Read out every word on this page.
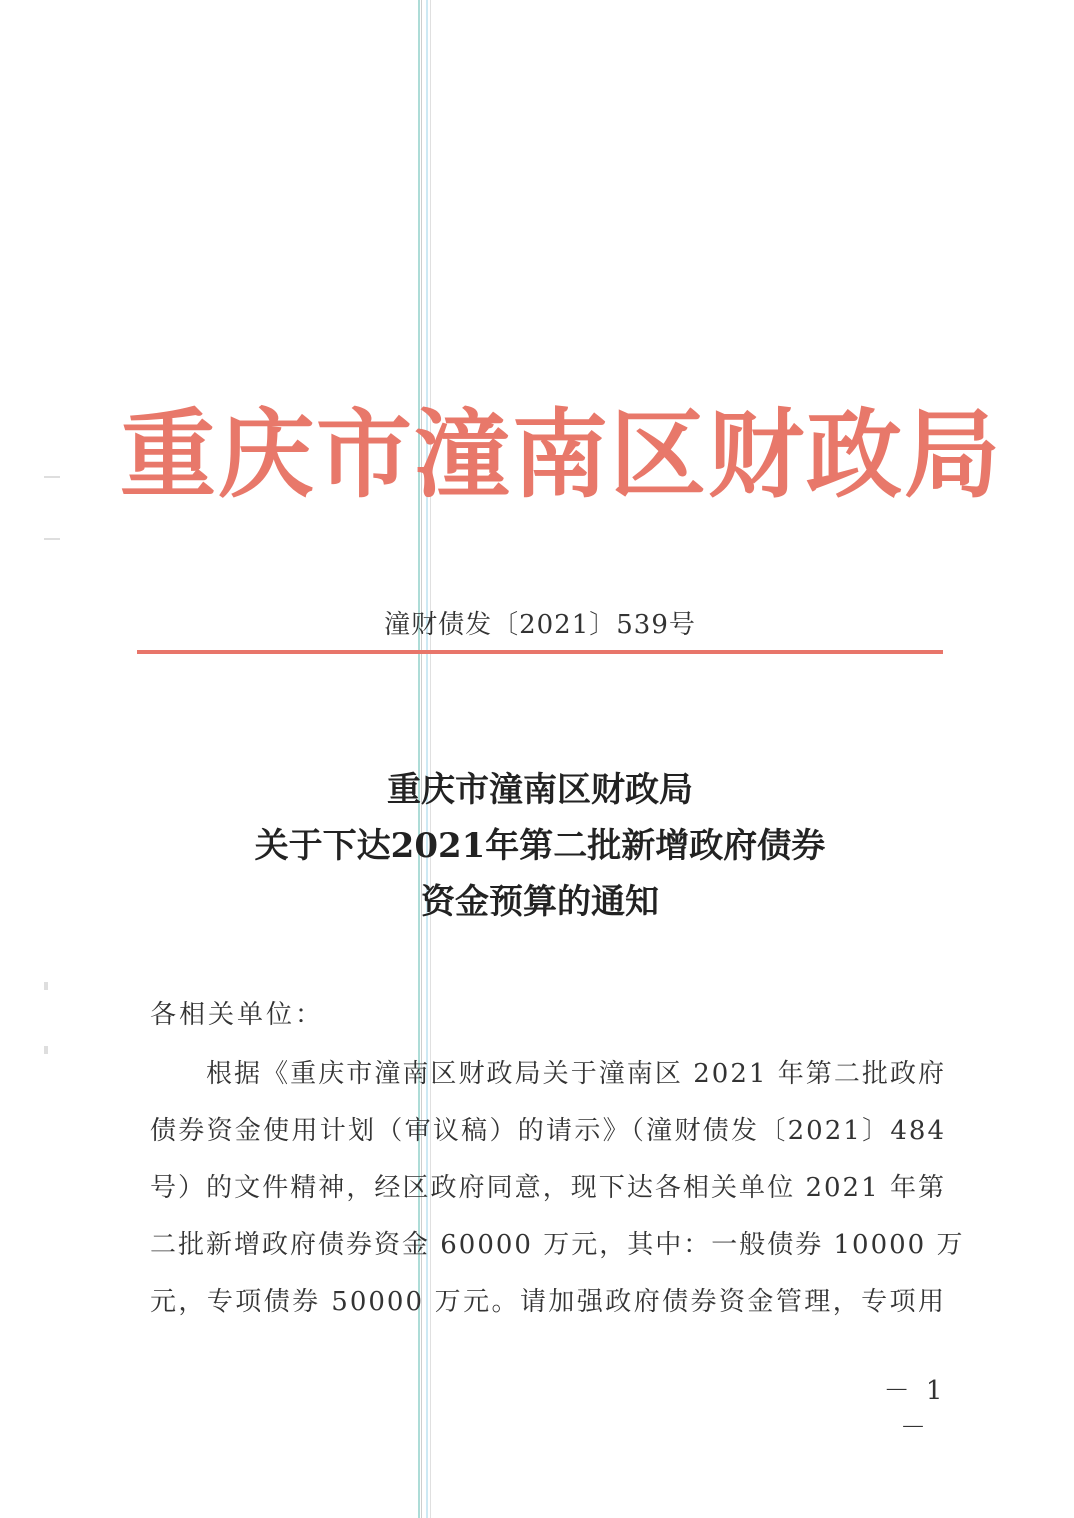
重庆市潼南区财政局
潼财债发〔2021〕539号
重庆市潼南区财政局
关于下达2021年第二批新增政府债券
资金预算的通知
各相关单位：
根据《重庆市潼南区财政局关于潼南区 2021 年第二批政府
债券资金使用计划（审议稿）的请示》（潼财债发〔2021〕484
号）的文件精神，经区政府同意，现下达各相关单位 2021 年第
二批新增政府债券资金 60000 万元，其中：一般债券 10000 万
元，专项债券 50000 万元。请加强政府债券资金管理，专项用
－ 1 －
